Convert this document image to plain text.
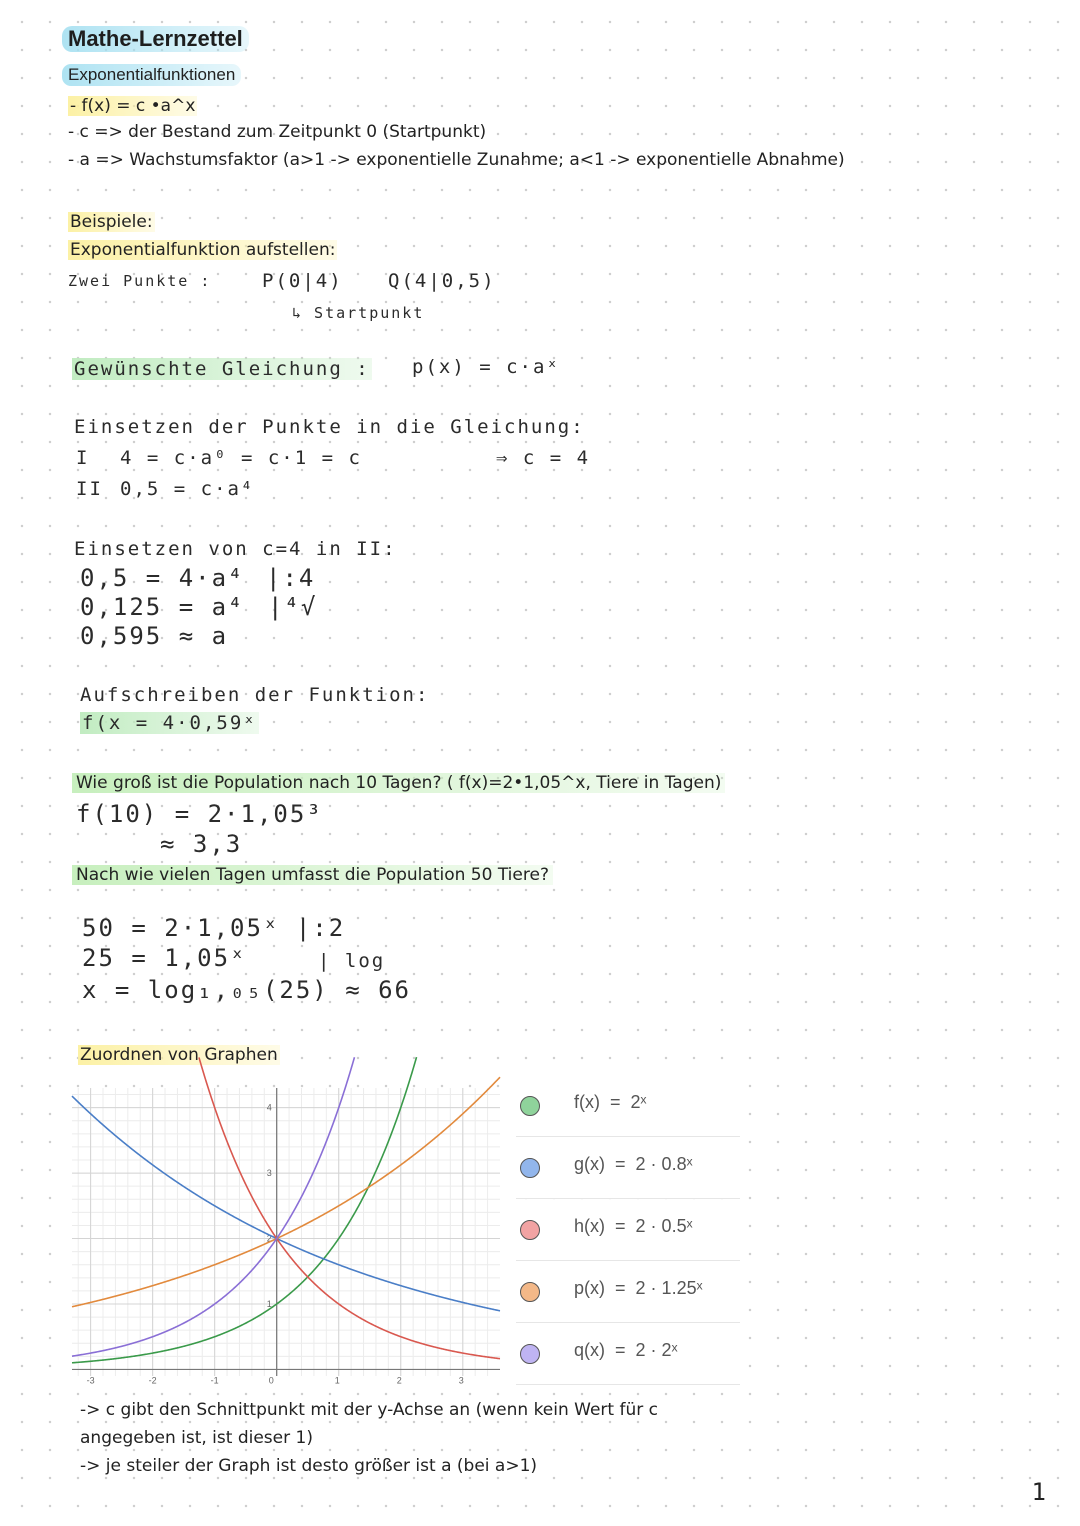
Mathe-Lernzettel
Exponentialfunktionen
- f(x) = c •a^x
- c => der Bestand zum Zeitpunkt 0 (Startpunkt)
- a => Wachstumsfaktor (a>1 -> exponentielle Zunahme; a<1 -> exponentielle Abnahme)
Beispiele:
Exponentialfunktion aufstellen:
Zwei Punkte :	P(0|4) Q(4|0,5)
↳ Startpunkt
Gewünschte Gleichung : p(x) = c·aˣ
Einsetzen der Punkte in die Gleichung:
I 4 = c·a⁰ = c·1 = c	⇒ c = 4
II 0,5 = c·a⁴
Einsetzen von c=4 in II:
0,5 = 4·a⁴ |:4
0,125 = a⁴ |⁴√
0,595 ≈ a
Aufschreiben der Funktion:
f(x = 4·0,59ˣ
Wie groß ist die Population nach 10 Tagen? ( f(x)=2•1,05^x, Tiere in Tagen)
f(10) = 2·1,05³
≈ 3,3
Nach wie vielen Tagen umfasst die Population 50 Tiere?
50 = 2·1,05ˣ |:2
25 = 1,05ˣ	| log
x = log₁,₀₅(25) ≈ 66
Zuordnen von Graphen
-3	-2	-1	0	1	2	3
1
2
3
4	f(x) = 2ˣ
g(x) = 2 · 0.8ˣ
h(x) = 2 · 0.5ˣ
p(x) = 2 · 1.25ˣ
q(x) = 2 · 2ˣ
-> c gibt den Schnittpunkt mit der y-Achse an (wenn kein Wert für c
angegeben ist, ist dieser 1)
-> je steiler der Graph ist desto größer ist a (bei a>1)
1
